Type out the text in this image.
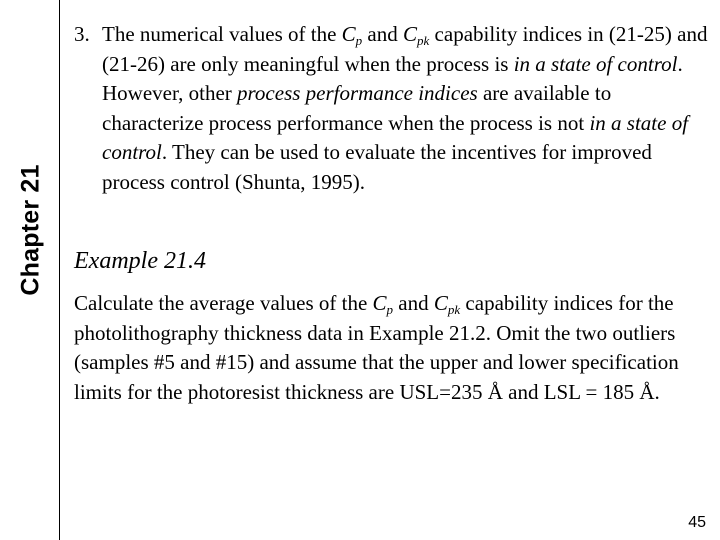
Chapter 21
3. The numerical values of the $C_p$ and $C_{pk}$ capability indices in (21-25) and (21-26) are only meaningful when the process is in a state of control. However, other process performance indices are available to characterize process performance when the process is not in a state of control. They can be used to evaluate the incentives for improved process control (Shunta, 1995).
Example 21.4

Calculate the average values of the $C_p$ and $C_{pk}$ capability indices for the photolithography thickness data in Example 21.2. Omit the two outliers (samples #5 and #15) and assume that the upper and lower specification limits for the photoresist thickness are USL=235 Å and LSL = 185 Å.

45
